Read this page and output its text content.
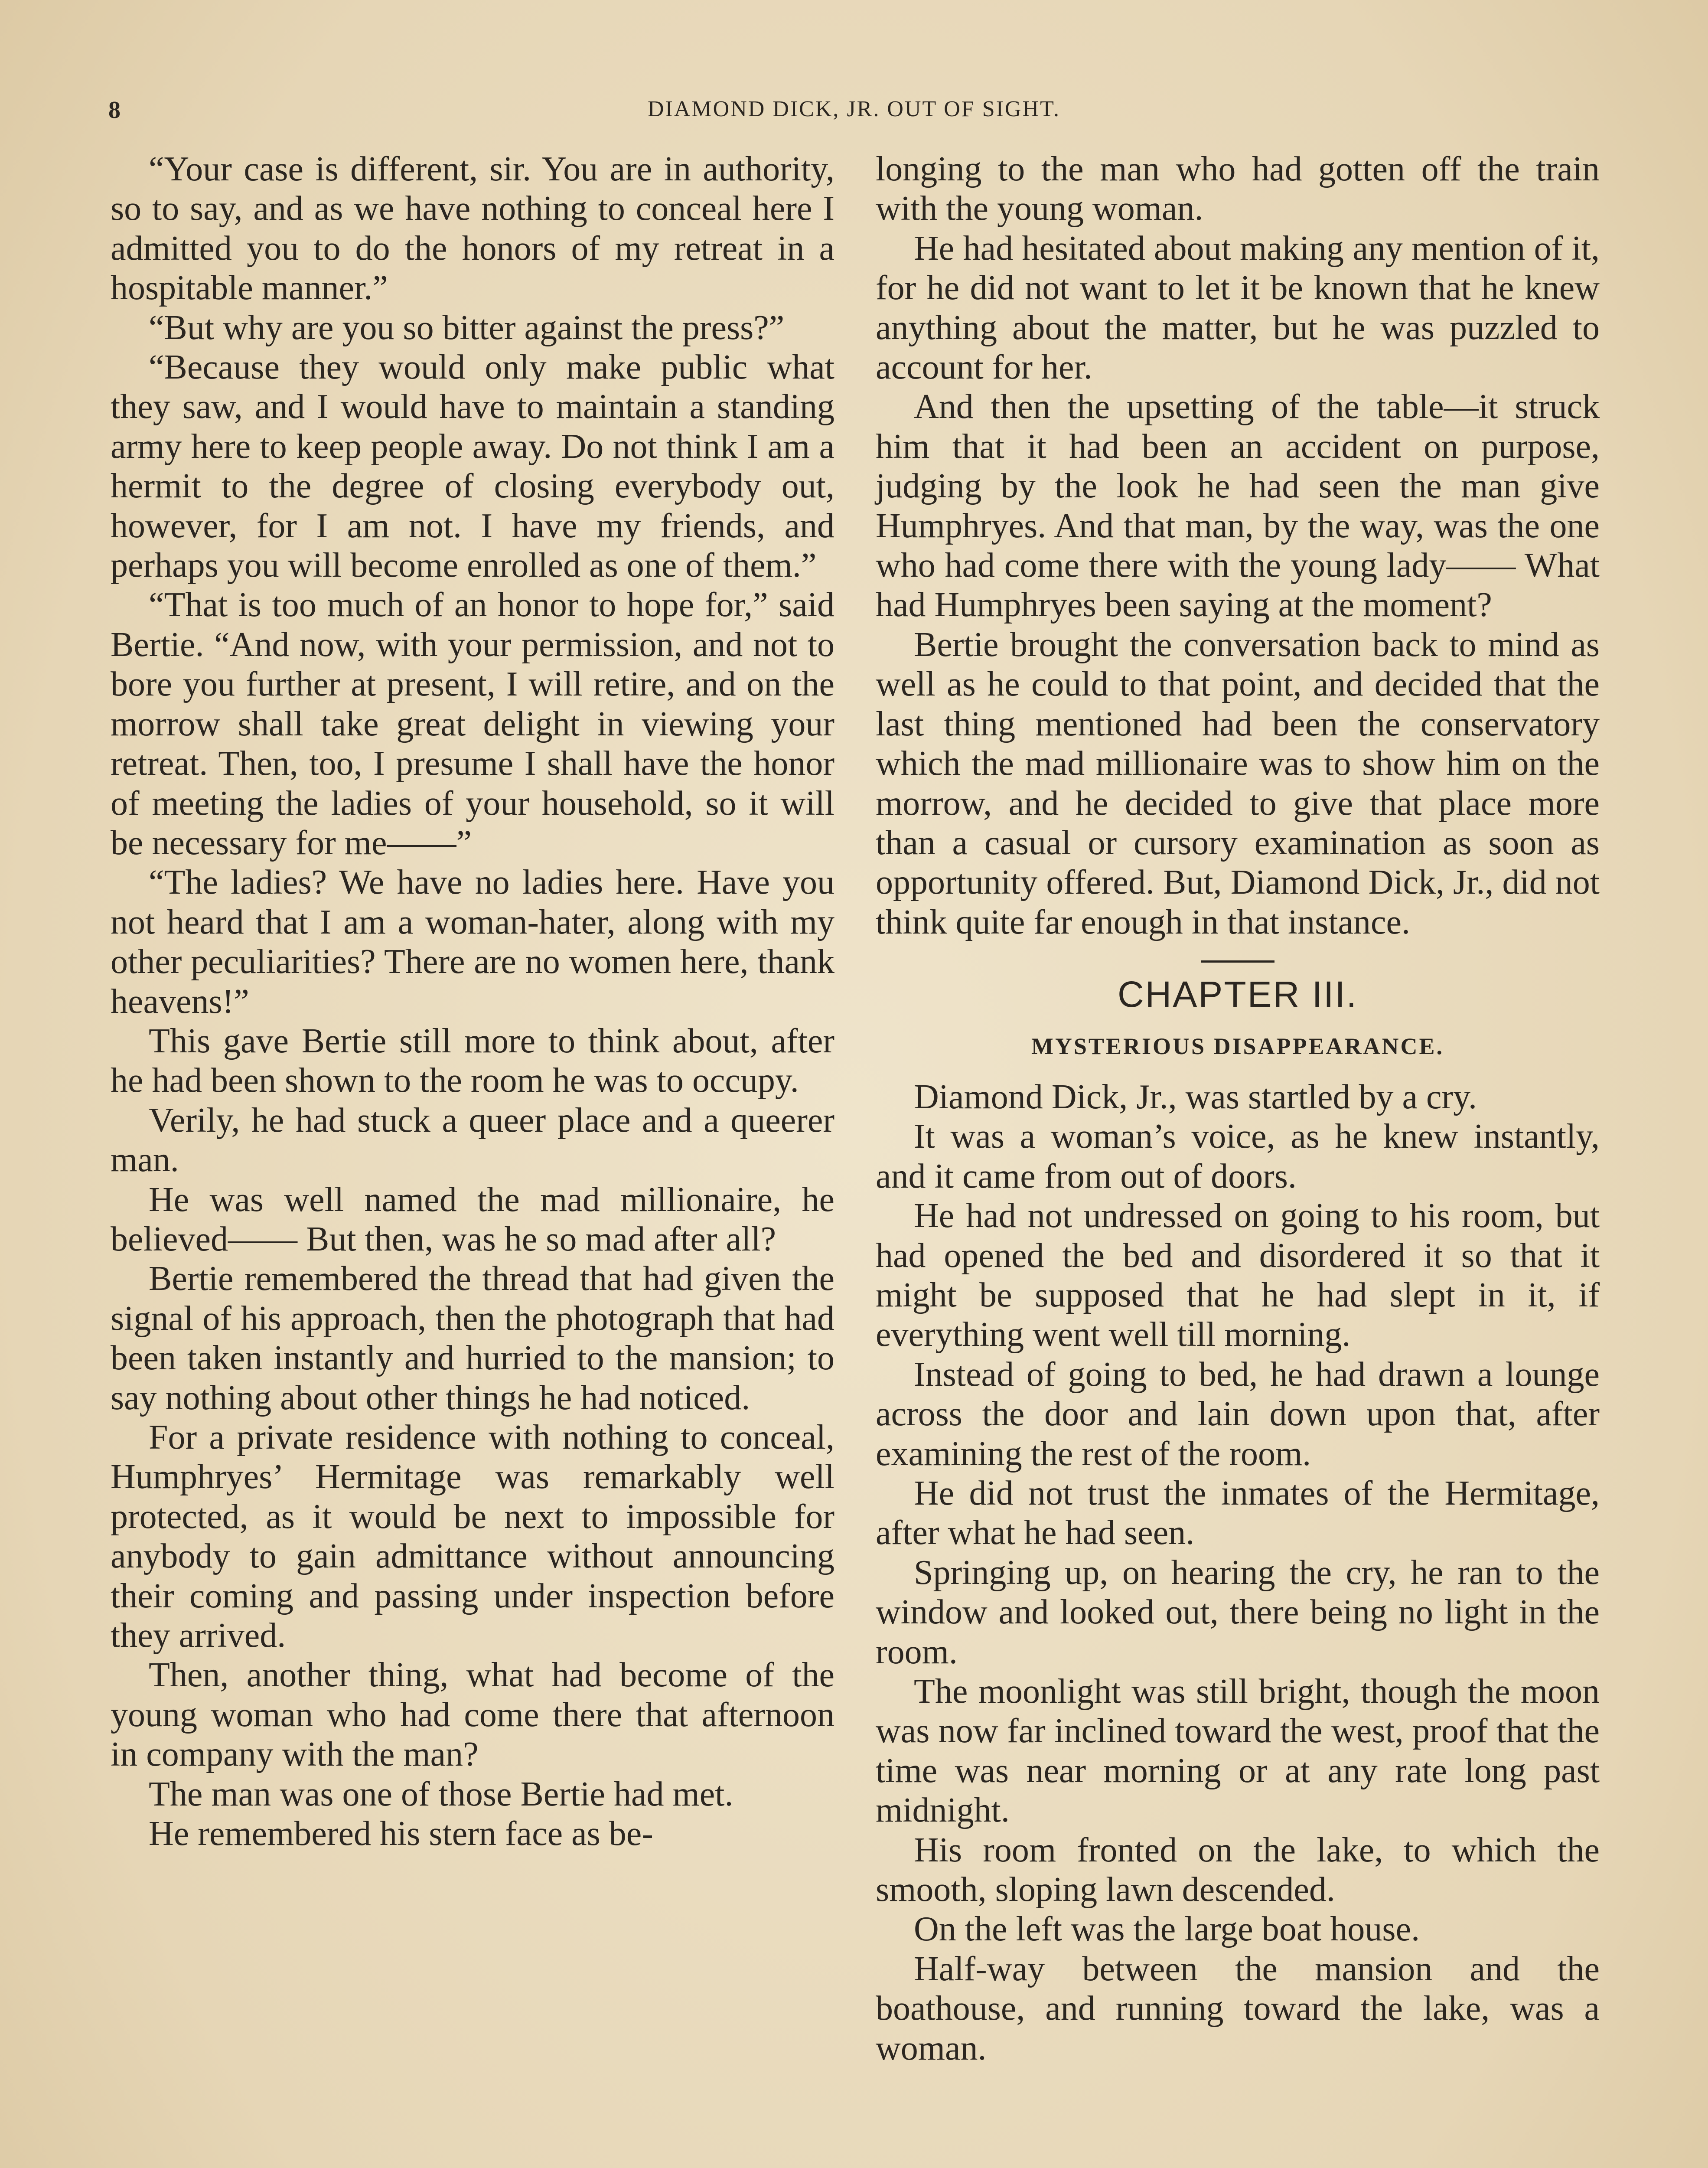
8	DIAMOND DICK, JR. OUT OF SIGHT.

“Your case is different, sir. You are in authority, so to say, and as we have nothing to conceal here I admitted you to do the honors of my retreat in a hospitable manner.”

“But why are you so bitter against the press?”

“Because they would only make public what they saw, and I would have to maintain a standing army here to keep people away. Do not think I am a hermit to the degree of closing everybody out, however, for I am not. I have my friends, and perhaps you will become enrolled as one of them.”

“That is too much of an honor to hope for,” said Bertie. “And now, with your permission, and not to bore you further at present, I will retire, and on the morrow shall take great delight in viewing your retreat. Then, too, I presume I shall have the honor of meeting the ladies of your household, so it will be necessary for me——”

“The ladies? We have no ladies here. Have you not heard that I am a woman-hater, along with my other peculiarities? There are no women here, thank heavens!”

This gave Bertie still more to think about, after he had been shown to the room he was to occupy.

Verily, he had stuck a queer place and a queerer man.

He was well named the mad millionaire, he believed—— But then, was he so mad after all?

Bertie remembered the thread that had given the signal of his approach, then the photograph that had been taken instantly and hurried to the mansion; to say nothing about other things he had noticed.

For a private residence with nothing to conceal, Humphryes’ Hermitage was remarkably well protected, as it would be next to impossible for anybody to gain admittance without announcing their coming and passing under inspection before they arrived.

Then, another thing, what had become of the young woman who had come there that afternoon in company with the man?

The man was one of those Bertie had met.

He remembered his stern face as be-

longing to the man who had gotten off the train with the young woman.

He had hesitated about making any mention of it, for he did not want to let it be known that he knew anything about the matter, but he was puzzled to account for her.

And then the upsetting of the table—it struck him that it had been an accident on purpose, judging by the look he had seen the man give Humphryes. And that man, by the way, was the one who had come there with the young lady—— What had Humphryes been saying at the moment?

Bertie brought the conversation back to mind as well as he could to that point, and decided that the last thing mentioned had been the conservatory which the mad millionaire was to show him on the morrow, and he decided to give that place more than a casual or cursory examination as soon as opportunity offered. But, Diamond Dick, Jr., did not think quite far enough in that instance.

CHAPTER III.
MYSTERIOUS DISAPPEARANCE.

Diamond Dick, Jr., was startled by a cry.

It was a woman’s voice, as he knew instantly, and it came from out of doors.

He had not undressed on going to his room, but had opened the bed and disordered it so that it might be supposed that he had slept in it, if everything went well till morning.

Instead of going to bed, he had drawn a lounge across the door and lain down upon that, after examining the rest of the room.

He did not trust the inmates of the Hermitage, after what he had seen.

Springing up, on hearing the cry, he ran to the window and looked out, there being no light in the room.

The moonlight was still bright, though the moon was now far inclined toward the west, proof that the time was near morning or at any rate long past midnight.

His room fronted on the lake, to which the smooth, sloping lawn descended.

On the left was the large boat house.

Half-way between the mansion and the boathouse, and running toward the lake, was a woman.
